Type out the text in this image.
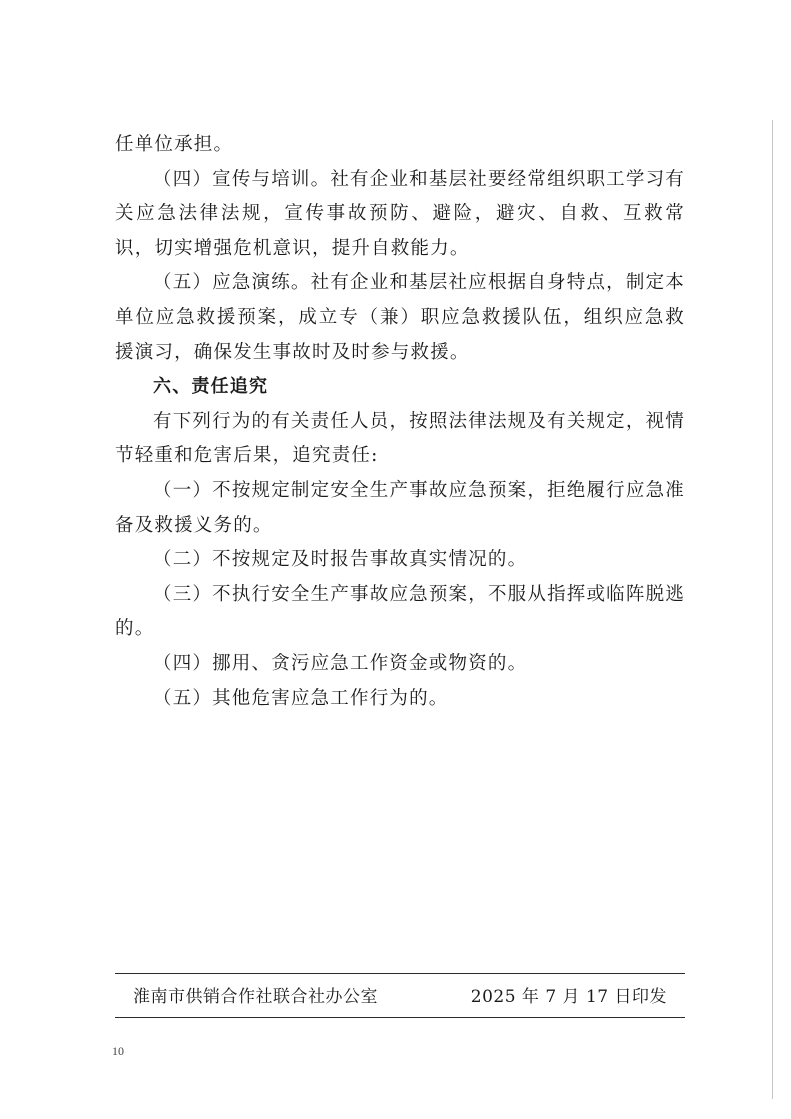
任单位承担。

（四）宣传与培训。社有企业和基层社要经常组织职工学习有关应急法律法规，宣传事故预防、避险，避灾、自救、互救常识，切实增强危机意识，提升自救能力。

（五）应急演练。社有企业和基层社应根据自身特点，制定本单位应急救援预案，成立专（兼）职应急救援队伍，组织应急救援演习，确保发生事故时及时参与救援。

六、责任追究

有下列行为的有关责任人员，按照法律法规及有关规定，视情节轻重和危害后果，追究责任:

（一）不按规定制定安全生产事故应急预案，拒绝履行应急准备及救援义务的。

（二）不按规定及时报告事故真实情况的。

（三）不执行安全生产事故应急预案，不服从指挥或临阵脱逃的。

（四）挪用、贪污应急工作资金或物资的。

（五）其他危害应急工作行为的。

淮南市供销合作社联合社办公室	2025 年 7 月 17 日印发
10
